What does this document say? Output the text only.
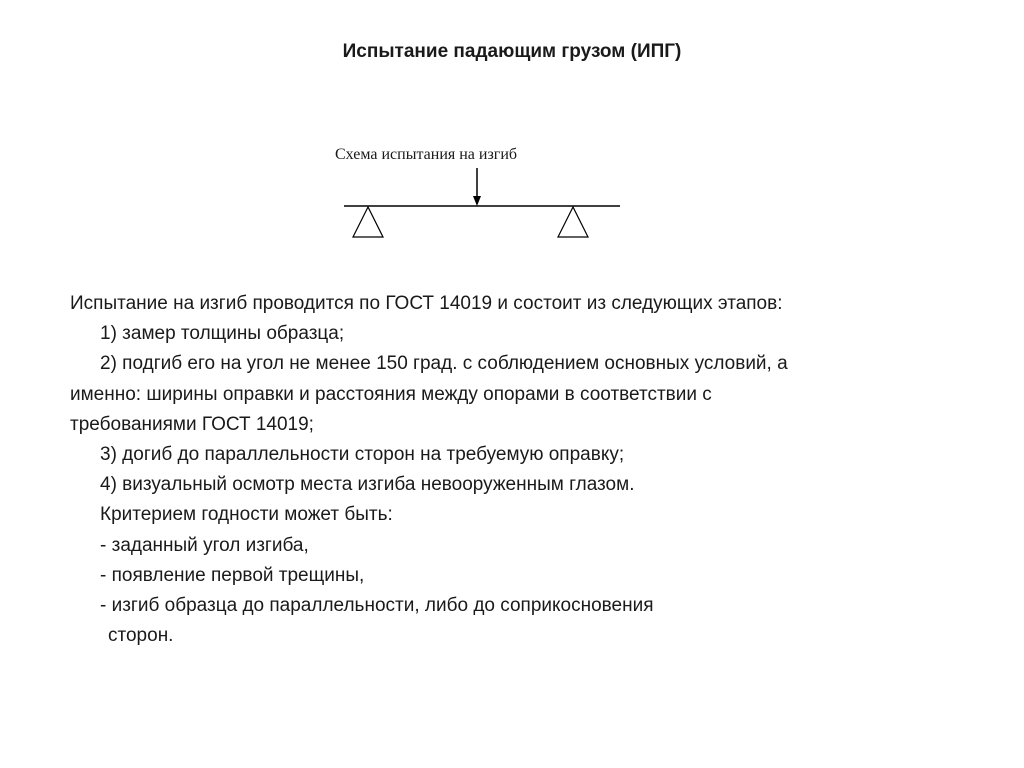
Испытание падающим грузом (ИПГ)
Схема испытания на изгиб
Испытание на изгиб проводится по ГОСТ 14019 и состоит из следующих этапов:
1) замер толщины образца;
2) подгиб его на угол не менее 150 град. с соблюдением основных условий, а
именно: ширины оправки и расстояния между опорами в соответствии с
требованиями ГОСТ 14019;
3) догиб до параллельности сторон на требуемую оправку;
4) визуальный осмотр места изгиба невооруженным глазом.
Критерием годности может быть:
- заданный угол изгиба,
- появление первой трещины,
- изгиб образца до параллельности, либо до соприкосновения
сторон.
